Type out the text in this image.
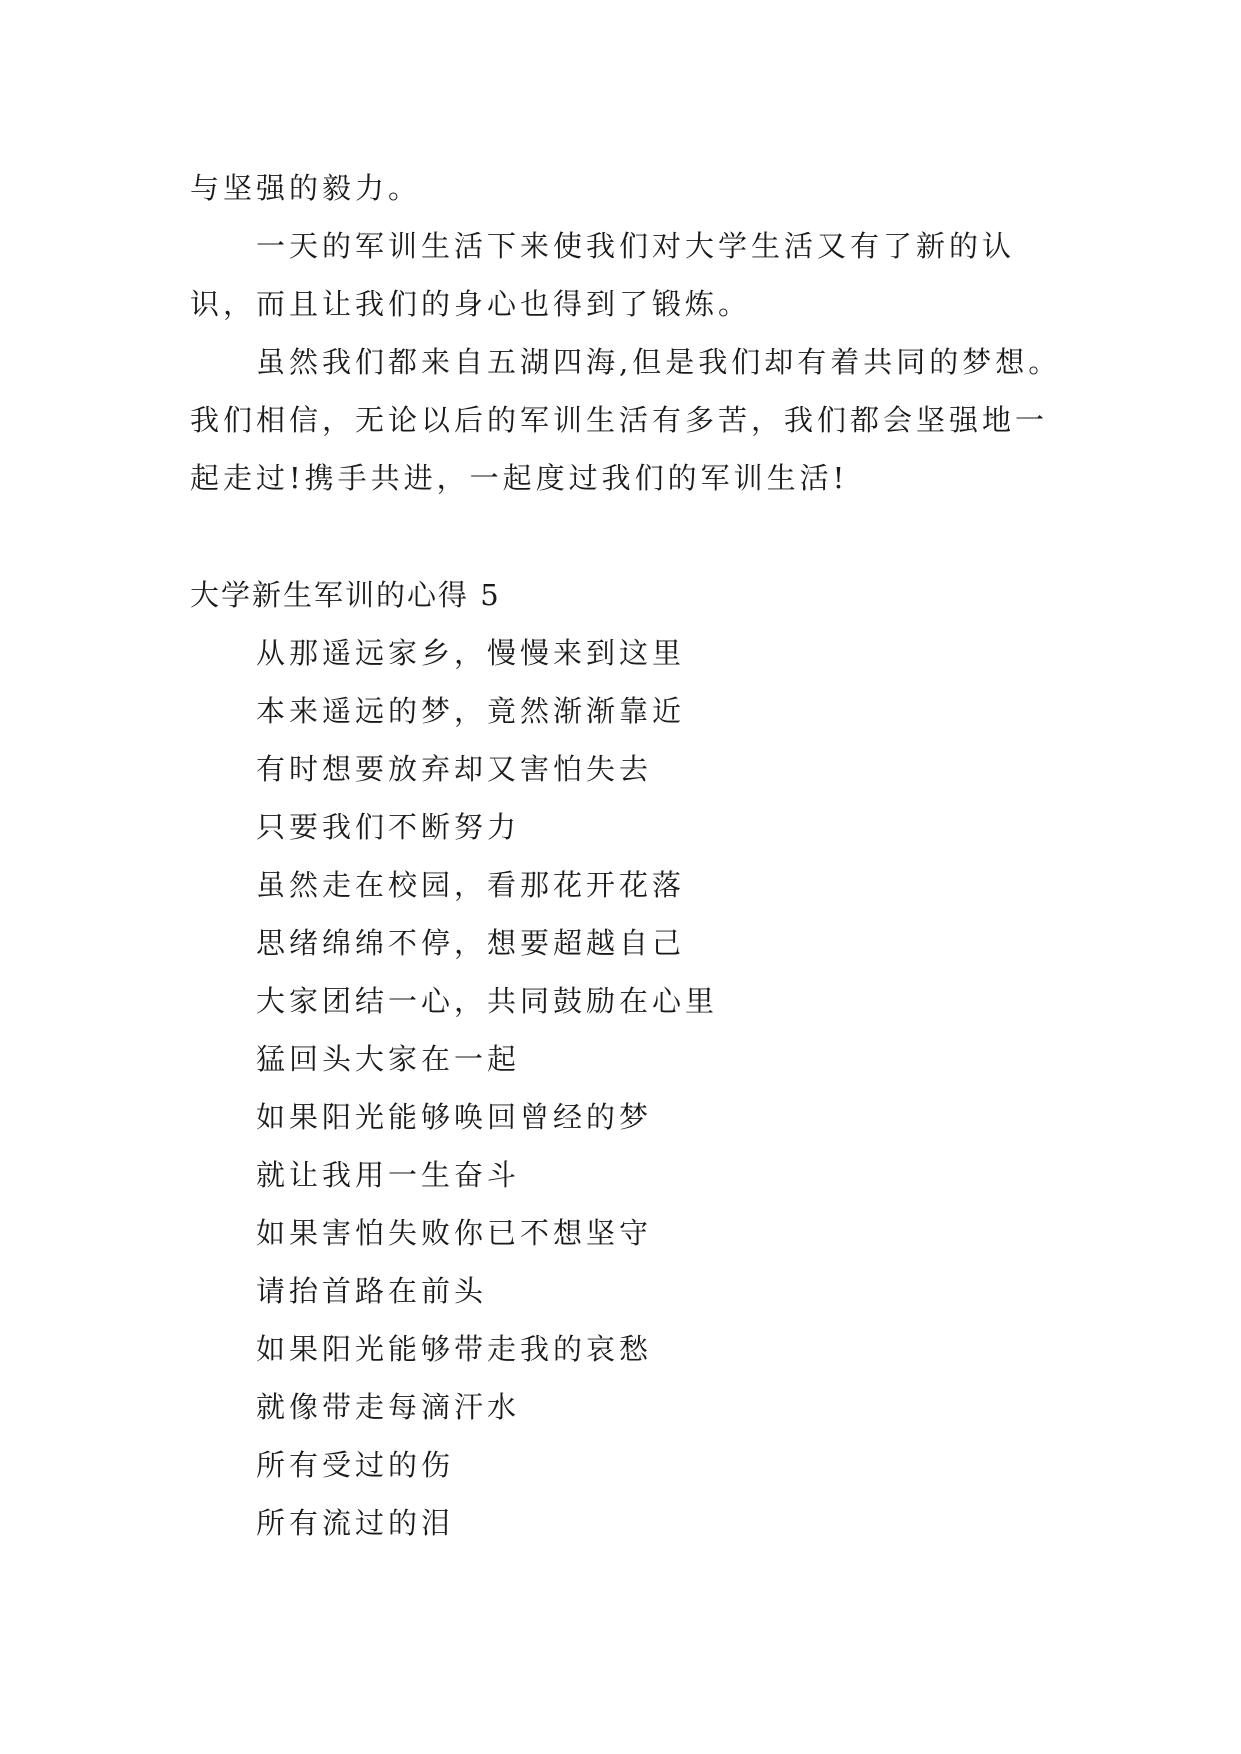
与坚强的毅力。
一天的军训生活下来使我们对大学生活又有了新的认
识，而且让我们的身心也得到了锻炼。
虽然我们都来自五湖四海,但是我们却有着共同的梦想。
我们相信，无论以后的军训生活有多苦，我们都会坚强地一
起走过!携手共进，一起度过我们的军训生活!
大学新生军训的心得 5
从那遥远家乡，慢慢来到这里
本来遥远的梦，竟然渐渐靠近
有时想要放弃却又害怕失去
只要我们不断努力
虽然走在校园，看那花开花落
思绪绵绵不停，想要超越自己
大家团结一心，共同鼓励在心里
猛回头大家在一起
如果阳光能够唤回曾经的梦
就让我用一生奋斗
如果害怕失败你已不想坚守
请抬首路在前头
如果阳光能够带走我的哀愁
就像带走每滴汗水
所有受过的伤
所有流过的泪
